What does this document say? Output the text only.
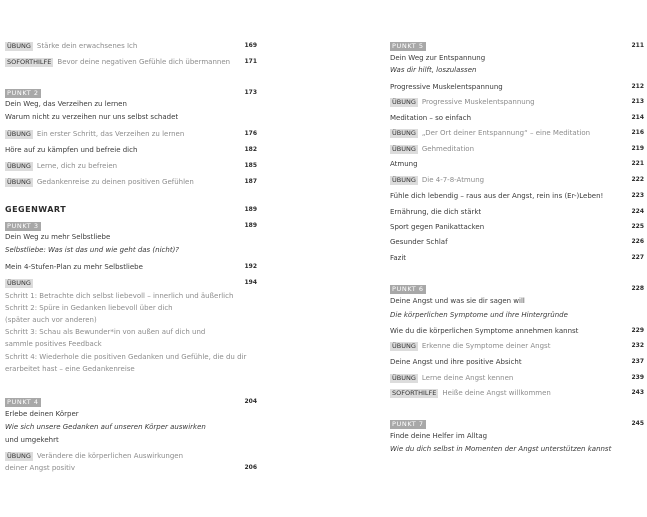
ÜBUNG Stärke dein erwachsenes Ich	169
SOFORTHILFE Bevor deine negativen Gefühle dich übermannen	171
PUNKT 2	173
Dein Weg, das Verzeihen zu lernen
Warum nicht zu verzeihen nur uns selbst schadet
ÜBUNG Ein erster Schritt, das Verzeihen zu lernen	176
Höre auf zu kämpfen und befreie dich	182
ÜBUNG Lerne, dich zu befreien	185
ÜBUNG Gedankenreise zu deinen positiven Gefühlen	187
GEGENWART	189
PUNKT 3	189
Dein Weg zu mehr Selbstliebe
Selbstliebe: Was ist das und wie geht das (nicht)?
Mein 4-Stufen-Plan zu mehr Selbstliebe	192
ÜBUNG	194
Schritt 1: Betrachte dich selbst liebevoll – innerlich und äußerlich
Schritt 2: Spüre in Gedanken liebevoll über dich
(später auch vor anderen)
Schritt 3: Schau als Bewunder*in von außen auf dich und
sammle positives Feedback
Schritt 4: Wiederhole die positiven Gedanken und Gefühle, die du dir
erarbeitet hast – eine Gedankenreise
PUNKT 4	204
Erlebe deinen Körper
Wie sich unsere Gedanken auf unseren Körper auswirken
und umgekehrt
ÜBUNG Verändere die körperlichen Auswirkungen
deiner Angst positiv	206
PUNKT 5	211
Dein Weg zur Entspannung
Was dir hilft, loszulassen
Progressive Muskelentspannung	212
ÜBUNG Progressive Muskelentspannung	213
Meditation – so einfach	214
ÜBUNG „Der Ort deiner Entspannung“ – eine Meditation	216
ÜBUNG Gehmeditation	219
Atmung	221
ÜBUNG Die 4-7-8-Atmung	222
Fühle dich lebendig – raus aus der Angst, rein ins (Er-)Leben!	223
Ernährung, die dich stärkt	224
Sport gegen Panikattacken	225
Gesunder Schlaf	226
Fazit	227
PUNKT 6	228
Deine Angst und was sie dir sagen will
Die körperlichen Symptome und ihre Hintergründe
Wie du die körperlichen Symptome annehmen kannst	229
ÜBUNG Erkenne die Symptome deiner Angst	232
Deine Angst und ihre positive Absicht	237
ÜBUNG Lerne deine Angst kennen	239
SOFORTHILFE Heiße deine Angst willkommen	243
PUNKT 7	245
Finde deine Helfer im Alltag
Wie du dich selbst in Momenten der Angst unterstützen kannst
